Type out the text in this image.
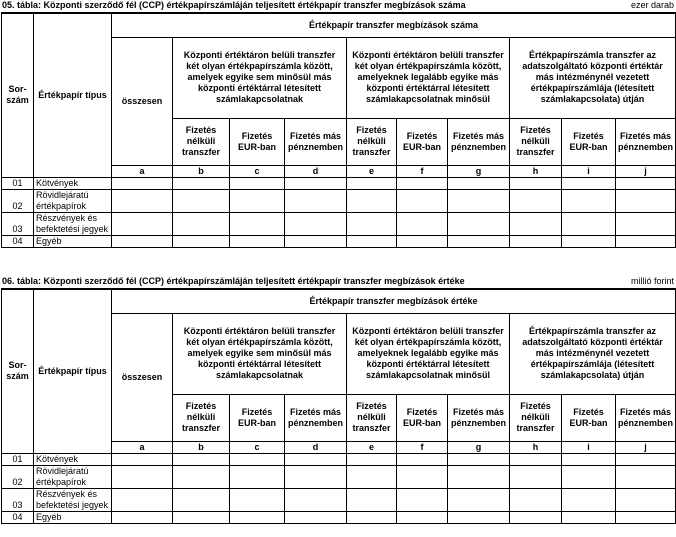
05. tábla: Központi szerződő fél (CCP) értékpapírszámláján teljesített értékpapír transzfer megbízások száma	ezer darab
Sor-
szám	Értékpapír típus	Értékpapír transzfer megbízások száma									
		összesen	Központi értéktáron belüli transzfer két olyan értékpapírszámla között, amelyek egyike sem minősül más központi értéktárral létesített számlakapcsolatnak			Központi értéktáron belüli transzfer két olyan értékpapírszámla között, amelyeknek legalább egyike más központi értéktárral létesített számlakapcsolatnak minősül			Értékpapírszámla transzfer az adatszolgáltató központi értéktár más intézménynél vezetett értékpapírszámlája (létesített számlakapcsolata) útján		
			Fizetés nélküli transzfer	Fizetés EUR-ban	Fizetés más pénznemben	Fizetés nélküli transzfer	Fizetés EUR-ban	Fizetés más pénznemben	Fizetés nélküli transzfer	Fizetés EUR-ban	Fizetés más pénznemben
		a	b	c	d	e	f	g	h	i	j
01	Kötvények										
02	Rövidlejáratú értékpapírok										
03	Részvények és befektetési jegyek										
04	Egyéb										
06. tábla: Központi szerződő fél (CCP) értékpapírszámláján teljesített értékpapír transzfer megbízások értéke	millió forint
Sor-
szám	Értékpapír típus	Értékpapír transzfer megbízások értéke									
		összesen	Központi értéktáron belüli transzfer két olyan értékpapírszámla között, amelyek egyike sem minősül más központi értéktárral létesített számlakapcsolatnak			Központi értéktáron belüli transzfer két olyan értékpapírszámla között, amelyeknek legalább egyike más központi értéktárral létesített számlakapcsolatnak minősül			Értékpapírszámla transzfer az adatszolgáltató központi értéktár más intézménynél vezetett értékpapírszámlája (létesített számlakapcsolata) útján		
			Fizetés nélküli transzfer	Fizetés EUR-ban	Fizetés más pénznemben	Fizetés nélküli transzfer	Fizetés EUR-ban	Fizetés más pénznemben	Fizetés nélküli transzfer	Fizetés EUR-ban	Fizetés más pénznemben
		a	b	c	d	e	f	g	h	i	j
01	Kötvények										
02	Rövidlejáratú értékpapírok										
03	Részvények és befektetési jegyek										
04	Egyéb										
